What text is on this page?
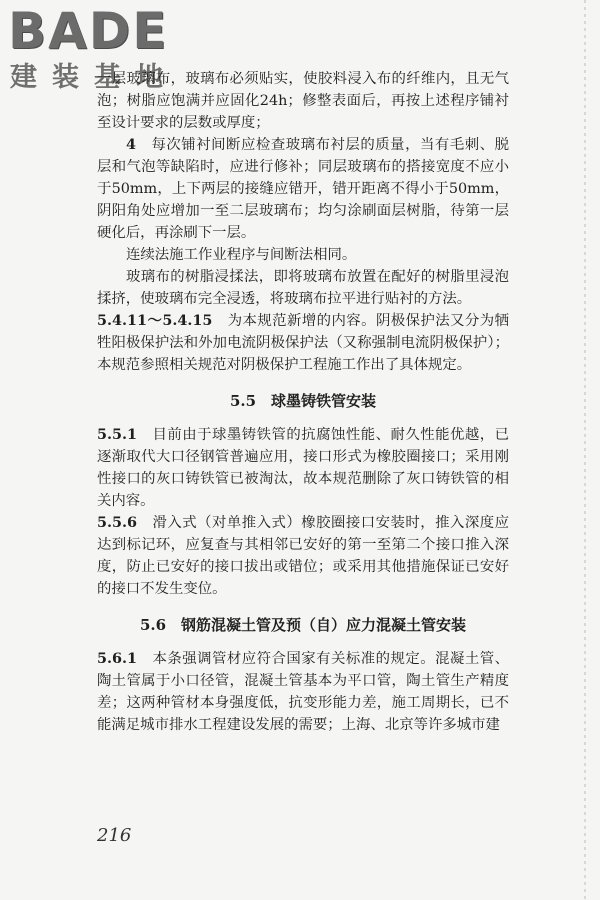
BADE
建装基地

一层玻璃布，玻璃布必须贴实，使胶料浸入布的纤维内，且无气泡；树脂应饱满并应固化24h；修整表面后，再按上述程序铺衬至设计要求的层数或厚度；

4　 每次铺衬间断应检查玻璃布衬层的质量，当有毛刺、脱层和气泡等缺陷时，应进行修补；同层玻璃布的搭接宽度不应小于50mm，上下两层的接缝应错开，错开距离不得小于50mm，阴阳角处应增加一至二层玻璃布；均匀涂刷面层树脂，待第一层硬化后，再涂刷下一层。

连续法施工作业程序与间断法相同。

玻璃布的树脂浸揉法，即将玻璃布放置在配好的树脂里浸泡揉挤，使玻璃布完全浸透，将玻璃布拉平进行贴衬的方法。

5.4.11～5.4.15　 为本规范新增的内容。阴极保护法又分为牺牲阳极保护法和外加电流阴极保护法（又称强制电流阴极保护）；本规范参照相关规范对阴极保护工程施工作出了具体规定。

5.5　球墨铸铁管安装

5.5.1　 目前由于球墨铸铁管的抗腐蚀性能、耐久性能优越，已逐渐取代大口径钢管普遍应用，接口形式为橡胶圈接口；采用刚性接口的灰口铸铁管已被淘汰，故本规范删除了灰口铸铁管的相关内容。

5.5.6　 滑入式（对单推入式）橡胶圈接口安装时，推入深度应达到标记环，应复查与其相邻已安好的第一至第二个接口推入深度，防止已安好的接口拔出或错位；或采用其他措施保证已安好的接口不发生变位。

5.6　钢筋混凝土管及预（自）应力混凝土管安装

5.6.1　 本条强调管材应符合国家有关标准的规定。混凝土管、陶土管属于小口径管，混凝土管基本为平口管，陶土管生产精度差；这两种管材本身强度低，抗变形能力差，施工周期长，已不能满足城市排水工程建设发展的需要；上海、北京等许多城市建

216
